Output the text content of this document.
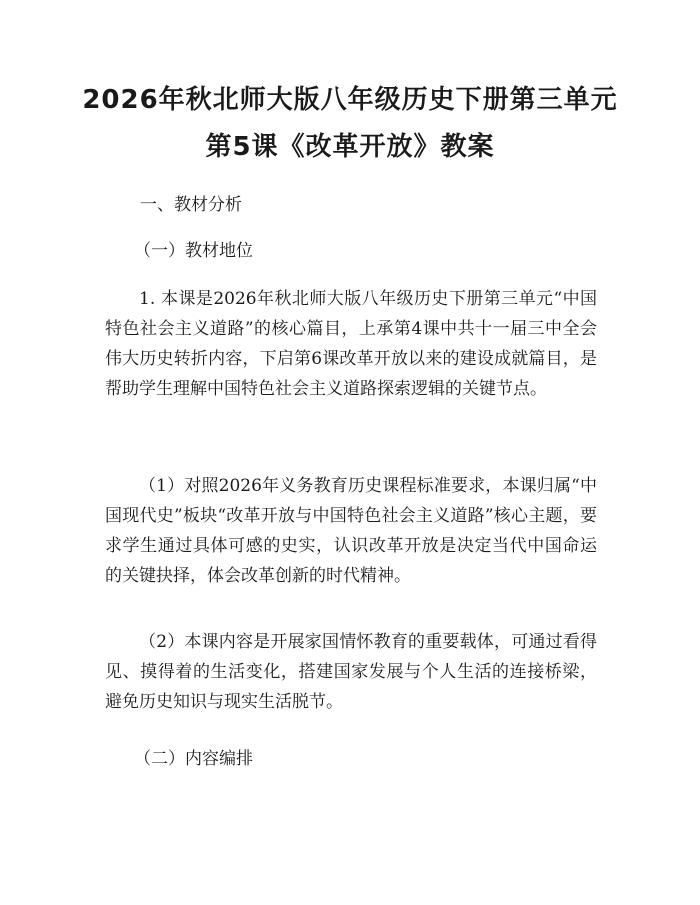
2026年秋北师大版八年级历史下册第三单元
第5课《改革开放》教案
一、教材分析
（一）教材地位
1. 本课是2026年秋北师大版八年级历史下册第三单元“中国特色社会主义道路”的核心篇目，上承第4课中共十一届三中全会伟大历史转折内容，下启第6课改革开放以来的建设成就篇目，是帮助学生理解中国特色社会主义道路探索逻辑的关键节点。
（1）对照2026年义务教育历史课程标准要求，本课归属“中国现代史”板块“改革开放与中国特色社会主义道路”核心主题，要求学生通过具体可感的史实，认识改革开放是决定当代中国命运的关键抉择，体会改革创新的时代精神。
（2）本课内容是开展家国情怀教育的重要载体，可通过看得见、摸得着的生活变化，搭建国家发展与个人生活的连接桥梁，避免历史知识与现实生活脱节。
（二）内容编排
